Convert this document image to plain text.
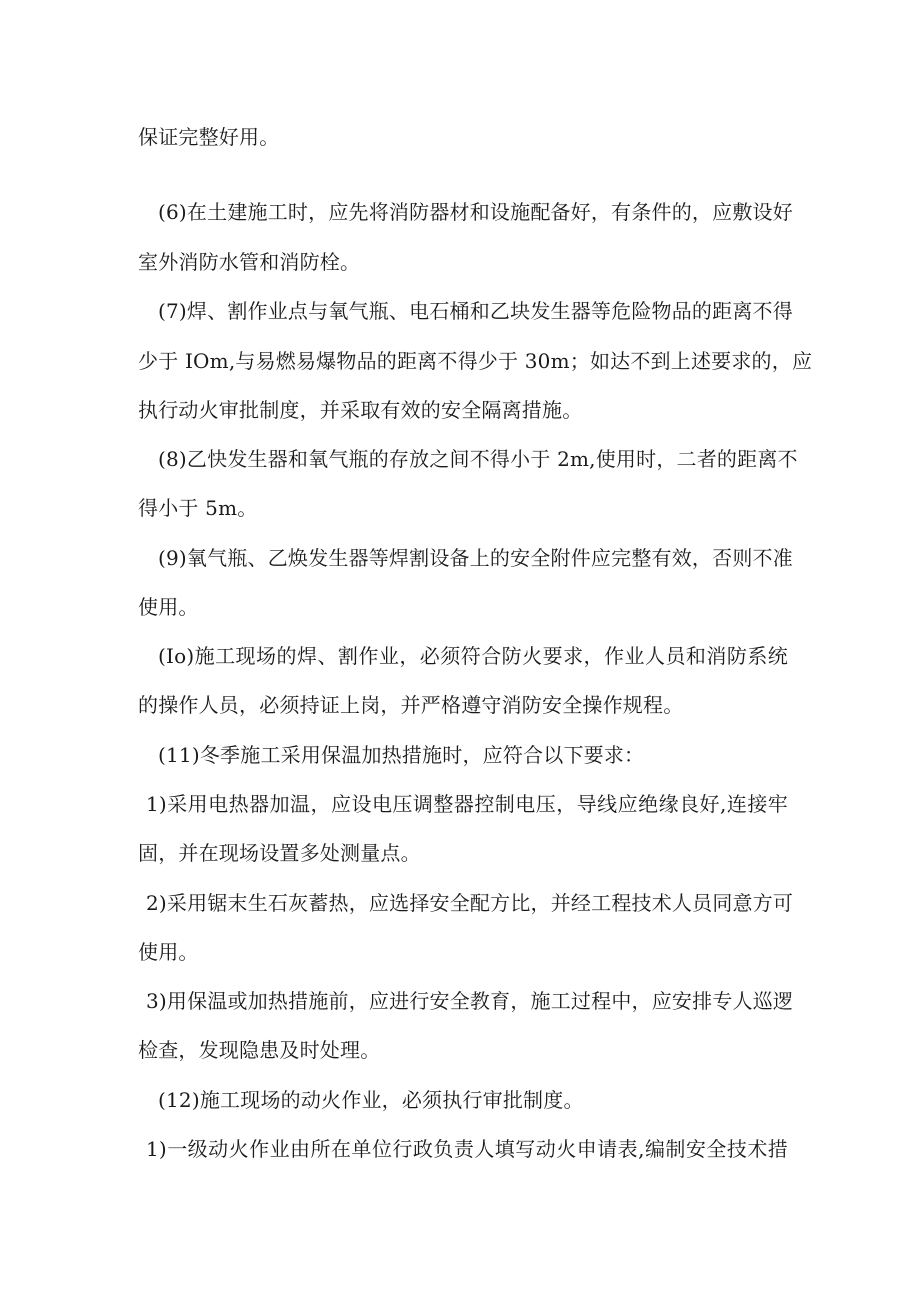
保证完整好用。
(6)在土建施工时，应先将消防器材和设施配备好，有条件的，应敷设好
室外消防水管和消防栓。
(7)焊、割作业点与氧气瓶、电石桶和乙块发生器等危险物品的距离不得
少于 IOm,与易燃易爆物品的距离不得少于 30m；如达不到上述要求的，应
执行动火审批制度，并采取有效的安全隔离措施。
(8)乙快发生器和氧气瓶的存放之间不得小于 2m,使用时，二者的距离不
得小于 5m。
(9)氧气瓶、乙焕发生器等焊割设备上的安全附件应完整有效，否则不准
使用。
(Io)施工现场的焊、割作业，必须符合防火要求，作业人员和消防系统
的操作人员，必须持证上岗，并严格遵守消防安全操作规程。
(11)冬季施工采用保温加热措施时，应符合以下要求：
1)采用电热器加温，应设电压调整器控制电压，导线应绝缘良好,连接牢
固，并在现场设置多处测量点。
2)采用锯末生石灰蓄热，应选择安全配方比，并经工程技术人员同意方可
使用。
3)用保温或加热措施前，应进行安全教育，施工过程中，应安排专人巡逻
检查，发现隐患及时处理。
(12)施工现场的动火作业，必须执行审批制度。
1)一级动火作业由所在单位行政负责人填写动火申请表,编制安全技术措
